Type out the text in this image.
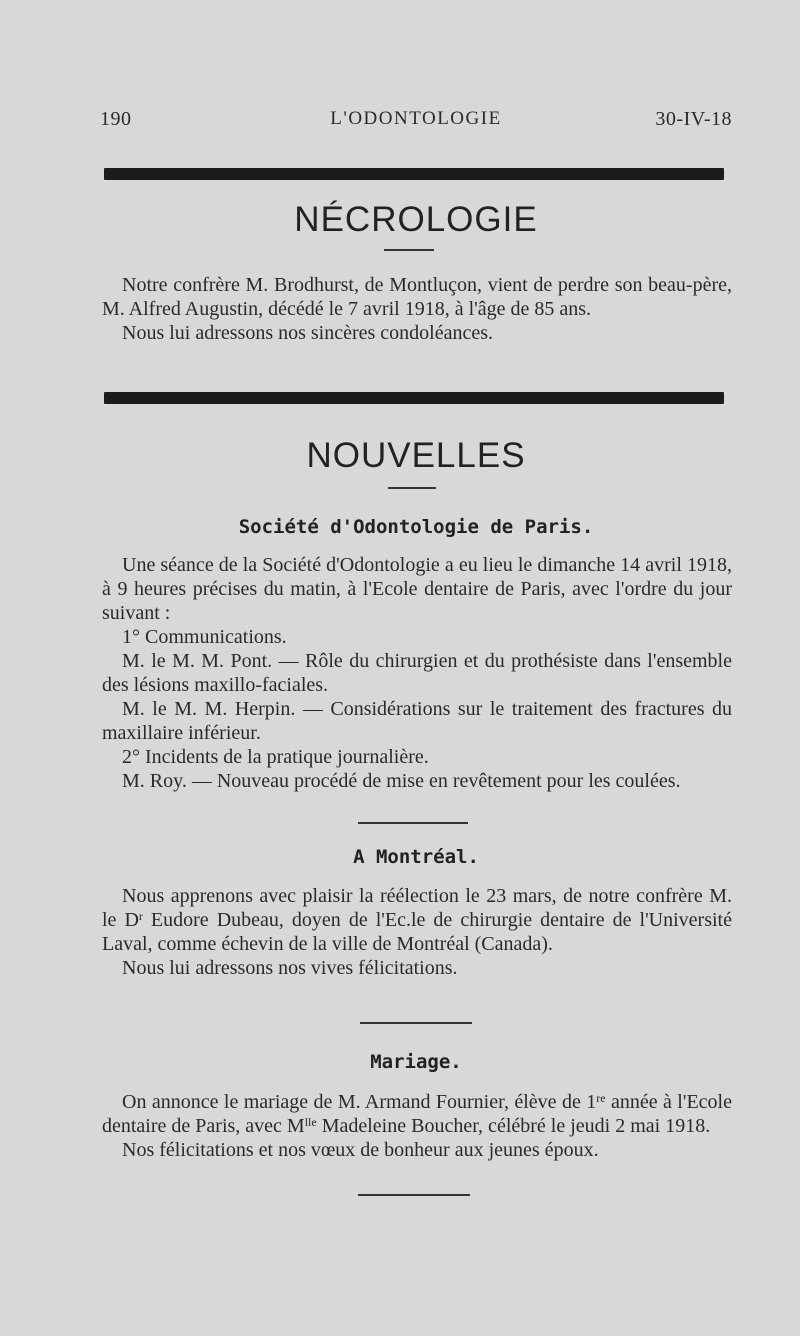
190	L'ODONTOLOGIE	30-IV-18
NÉCROLOGIE

Notre confrère M. Brodhurst, de Montluçon, vient de perdre son beau-père, M. Alfred Augustin, décédé le 7 avril 1918, à l'âge de 85 ans.

Nous lui adressons nos sincères condoléances.

NOUVELLES
Société d'Odontologie de Paris.

Une séance de la Société d'Odontologie a eu lieu le dimanche 14 avril 1918, à 9 heures précises du matin, à l'Ecole dentaire de Paris, avec l'ordre du jour suivant :

1° Communications.

M. le M. M. Pont. — Rôle du chirurgien et du prothésiste dans l'ensemble des lésions maxillo-faciales.

M. le M. M. Herpin. — Considérations sur le traitement des fractures du maxillaire inférieur.

2° Incidents de la pratique journalière.

M. Roy. — Nouveau procédé de mise en revêtement pour les coulées.

A Montréal.

Nous apprenons avec plaisir la réélection le 23 mars, de notre confrère M. le $D^r$ Eudore Dubeau, doyen de l'Ec.le de chirurgie dentaire de l'Université Laval, comme échevin de la ville de Montréal (Canada).

Nous lui adressons nos vives félicitations.

Mariage.

On annonce le mariage de M. Armand Fournier, élève de 1re année à l'Ecole dentaire de Paris, avec $M^{lle}$ Madeleine Boucher, célébré le jeudi 2 mai 1918.

Nos félicitations et nos vœux de bonheur aux jeunes époux.
